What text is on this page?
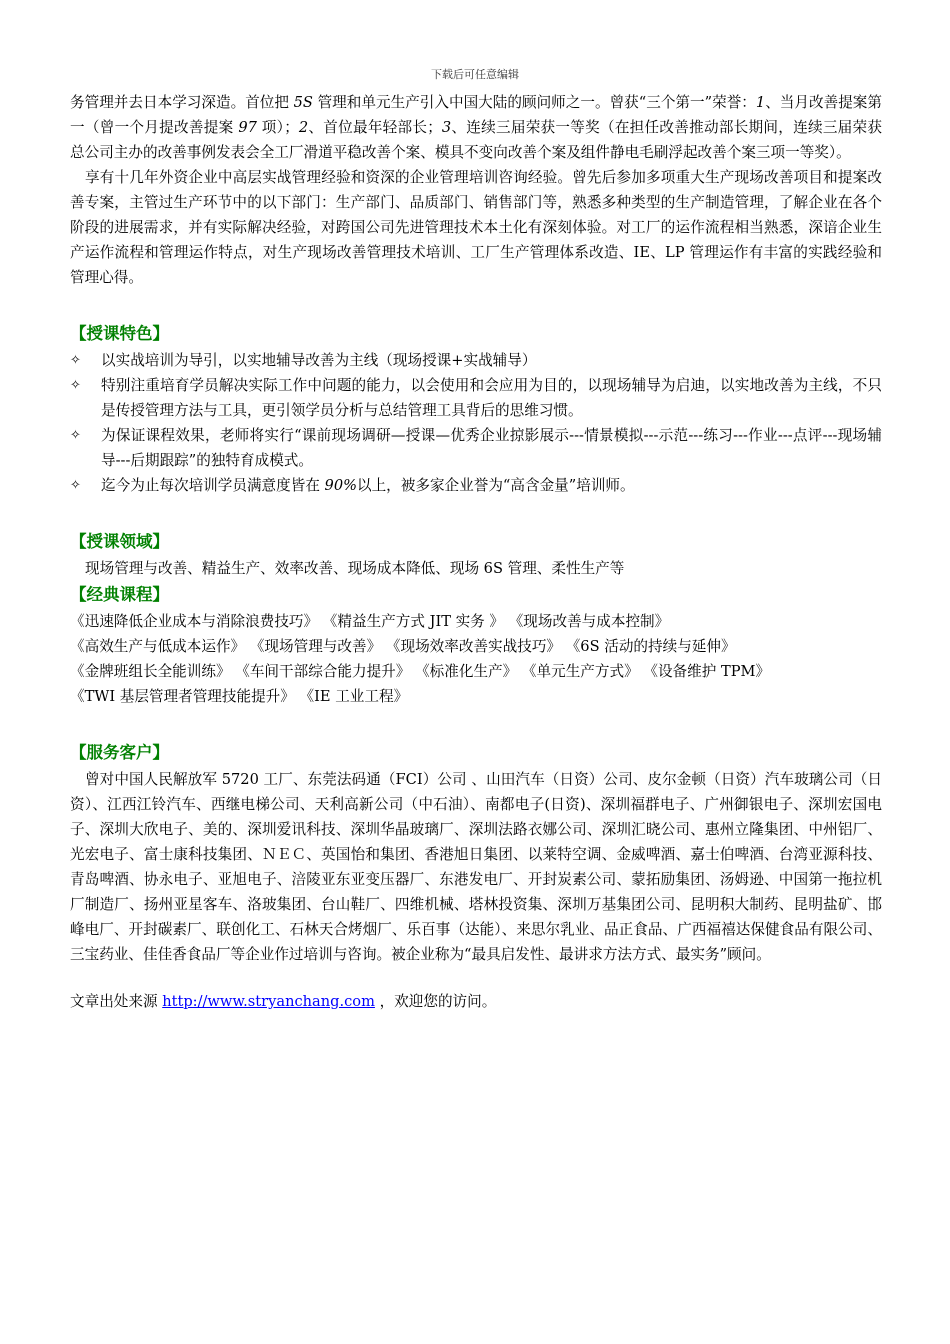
下载后可任意编辑

务管理并去日本学习深造。首位把 5S 管理和单元生产引入中国大陆的顾问师之一。曾获“三个第一”荣誉：1、当月改善提案第一（曾一个月提改善提案 97 项）；2、首位最年轻部长；3、连续三届荣获一等奖（在担任改善推动部长期间，连续三届荣获总公司主办的改善事例发表会全工厂滑道平稳改善个案、模具不变向改善个案及组件静电毛刷浮起改善个案三项一等奖）。

享有十几年外资企业中高层实战管理经验和资深的企业管理培训咨询经验。曾先后参加多项重大生产现场改善项目和提案改善专案，主管过生产环节中的以下部门：生产部门、品质部门、销售部门等，熟悉多种类型的生产制造管理，了解企业在各个阶段的进展需求，并有实际解决经验，对跨国公司先进管理技术本土化有深刻体验。对工厂的运作流程相当熟悉，深谙企业生产运作流程和管理运作特点，对生产现场改善管理技术培训、工厂生产管理体系改造、IE、LP 管理运作有丰富的实践经验和管理心得。

【授课特色】
✧	以实战培训为导引，以实地辅导改善为主线（现场授课+实战辅导）
✧	特别注重培育学员解决实际工作中问题的能力，以会使用和会应用为目的，以现场辅导为启迪，以实地改善为主线，不只是传授管理方法与工具，更引领学员分析与总结管理工具背后的思维习惯。
✧	为保证课程效果，老师将实行“课前现场调研—授课—优秀企业掠影展示---情景模拟---示范---练习---作业---点评---现场辅导---后期跟踪”的独特育成模式。
✧	迄今为止每次培训学员满意度皆在 90%以上，被多家企业誉为“高含金量”培训师。
【授课领域】

现场管理与改善、精益生产、效率改善、现场成本降低、现场 6S 管理、柔性生产等

【经典课程】

《迅速降低企业成本与消除浪费技巧》 《精益生产方式 JIT 实务 》 《现场改善与成本控制》

《高效生产与低成本运作》 《现场管理与改善》 《现场效率改善实战技巧》 《6S 活动的持续与延伸》

《金牌班组长全能训练》 《车间干部综合能力提升》 《标准化生产》 《单元生产方式》 《设备维护 TPM》

《TWI 基层管理者管理技能提升》 《IE 工业工程》

【服务客户】

曾对中国人民解放军 5720 工厂、东莞法码通（FCI）公司 、山田汽车（日资）公司、皮尔金顿（日资）汽车玻璃公司（日资）、江西江铃汽车、西继电梯公司、天利高新公司（中石油）、南都电子(日资)、深圳福群电子、广州御银电子、深圳宏国电子、深圳大欣电子、美的、深圳爱讯科技、深圳华晶玻璃厂、深圳法路衣娜公司、深圳汇晓公司、惠州立隆集团、中州铝厂、光宏电子、富士康科技集团、ＮＥＣ、英国怡和集团、香港旭日集团、以莱特空调、金威啤酒、嘉士伯啤酒、台湾亚源科技、青岛啤酒、协永电子、亚旭电子、涪陵亚东亚变压器厂、东港发电厂、开封炭素公司、蒙拓励集团、汤姆逊、中国第一拖拉机厂制造厂、扬州亚星客车、洛玻集团、台山鞋厂、四维机械、塔林投资集、深圳万基集团公司、昆明积大制药、昆明盐矿、邯峰电厂、开封碳素厂、联创化工、石林天合烤烟厂、乐百事（达能）、来思尔乳业、品正食品、广西福禧达保健食品有限公司、三宝药业、佳佳香食品厂等企业作过培训与咨询。被企业称为“最具启发性、最讲求方法方式、最实务”顾问。

文章出处来源 http://www.stryanchang.com ，欢迎您的访问。
